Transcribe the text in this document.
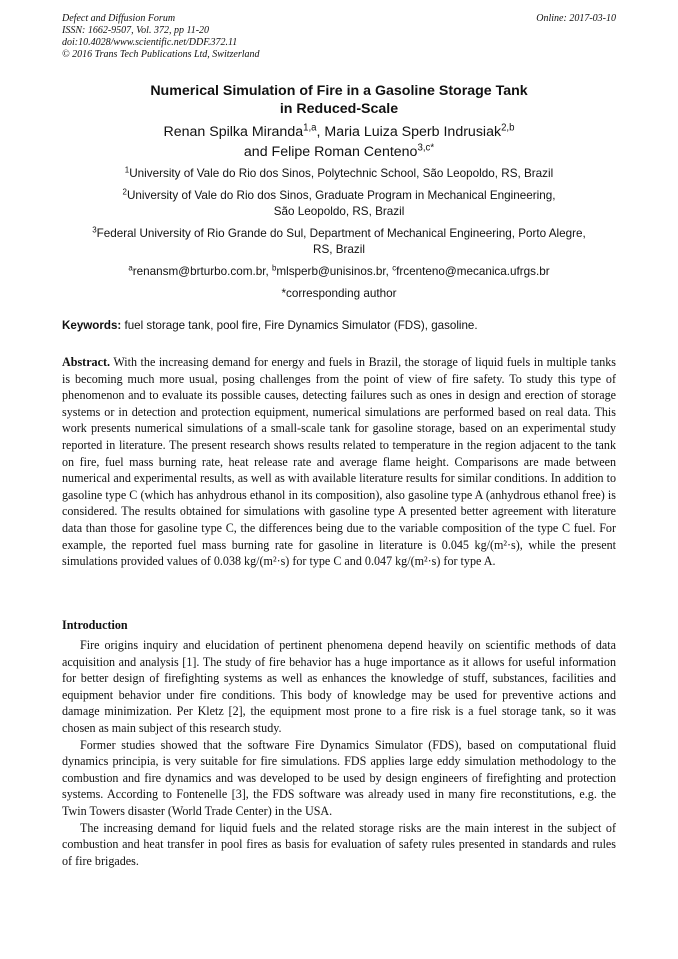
Defect and Diffusion Forum	Online: 2017-03-10
ISSN: 1662-9507, Vol. 372, pp 11-20
doi:10.4028/www.scientific.net/DDF.372.11
© 2016 Trans Tech Publications Ltd, Switzerland
Numerical Simulation of Fire in a Gasoline Storage Tank
in Reduced-Scale
Renan Spilka Miranda$^{1,a}$, Maria Luiza Sperb Indrusiak$^{2,b}$
and Felipe Roman Centeno$^{3,c*}$

$^1$University of Vale do Rio dos Sinos, Polytechnic School, São Leopoldo, RS, Brazil

$^2$University of Vale do Rio dos Sinos, Graduate Program in Mechanical Engineering,
São Leopoldo, RS, Brazil

$^3$Federal University of Rio Grande do Sul, Department of Mechanical Engineering, Porto Alegre,
RS, Brazil

$^a$renansm@brturbo.com.br, $^b$mlsperb@unisinos.br, $^c$frcenteno@mecanica.ufrgs.br

*corresponding author

Keywords: fuel storage tank, pool fire, Fire Dynamics Simulator (FDS), gasoline.

Abstract. With the increasing demand for energy and fuels in Brazil, the storage of liquid fuels in multiple tanks is becoming much more usual, posing challenges from the point of view of fire safety. To study this type of phenomenon and to evaluate its possible causes, detecting failures such as ones in design and erection of storage systems or in detection and protection equipment, numerical simulations are performed based on real data. This work presents numerical simulations of a small-scale tank for gasoline storage, based on an experimental study reported in literature. The present research shows results related to temperature in the region adjacent to the tank on fire, fuel mass burning rate, heat release rate and average flame height. Comparisons are made between numerical and experimental results, as well as with available literature results for similar conditions. In addition to gasoline type C (which has anhydrous ethanol in its composition), also gasoline type A (anhydrous ethanol free) is considered. The results obtained for simulations with gasoline type A presented better agreement with literature data than those for gasoline type C, the differences being due to the variable composition of the type C fuel. For example, the reported fuel mass burning rate for gasoline in literature is 0.045 kg/(m²·s), while the present simulations provided values of 0.038 kg/(m²·s) for type C and 0.047 kg/(m²·s) for type A.

Introduction

Fire origins inquiry and elucidation of pertinent phenomena depend heavily on scientific methods of data acquisition and analysis [1]. The study of fire behavior has a huge importance as it allows for useful information for better design of firefighting systems as well as enhances the knowledge of stuff, substances, facilities and equipment behavior under fire conditions. This body of knowledge may be used for preventive actions and damage minimization. Per Kletz [2], the equipment most prone to a fire risk is a fuel storage tank, so it was chosen as main subject of this research study.

Former studies showed that the software Fire Dynamics Simulator (FDS), based on computational fluid dynamics principia, is very suitable for fire simulations. FDS applies large eddy simulation methodology to the combustion and fire dynamics and was developed to be used by design engineers of firefighting and protection systems. According to Fontenelle [3], the FDS software was already used in many fire reconstitutions, e.g. the Twin Towers disaster (World Trade Center) in the USA.

The increasing demand for liquid fuels and the related storage risks are the main interest in the subject of combustion and heat transfer in pool fires as basis for evaluation of safety rules presented in standards and rules of fire brigades.
